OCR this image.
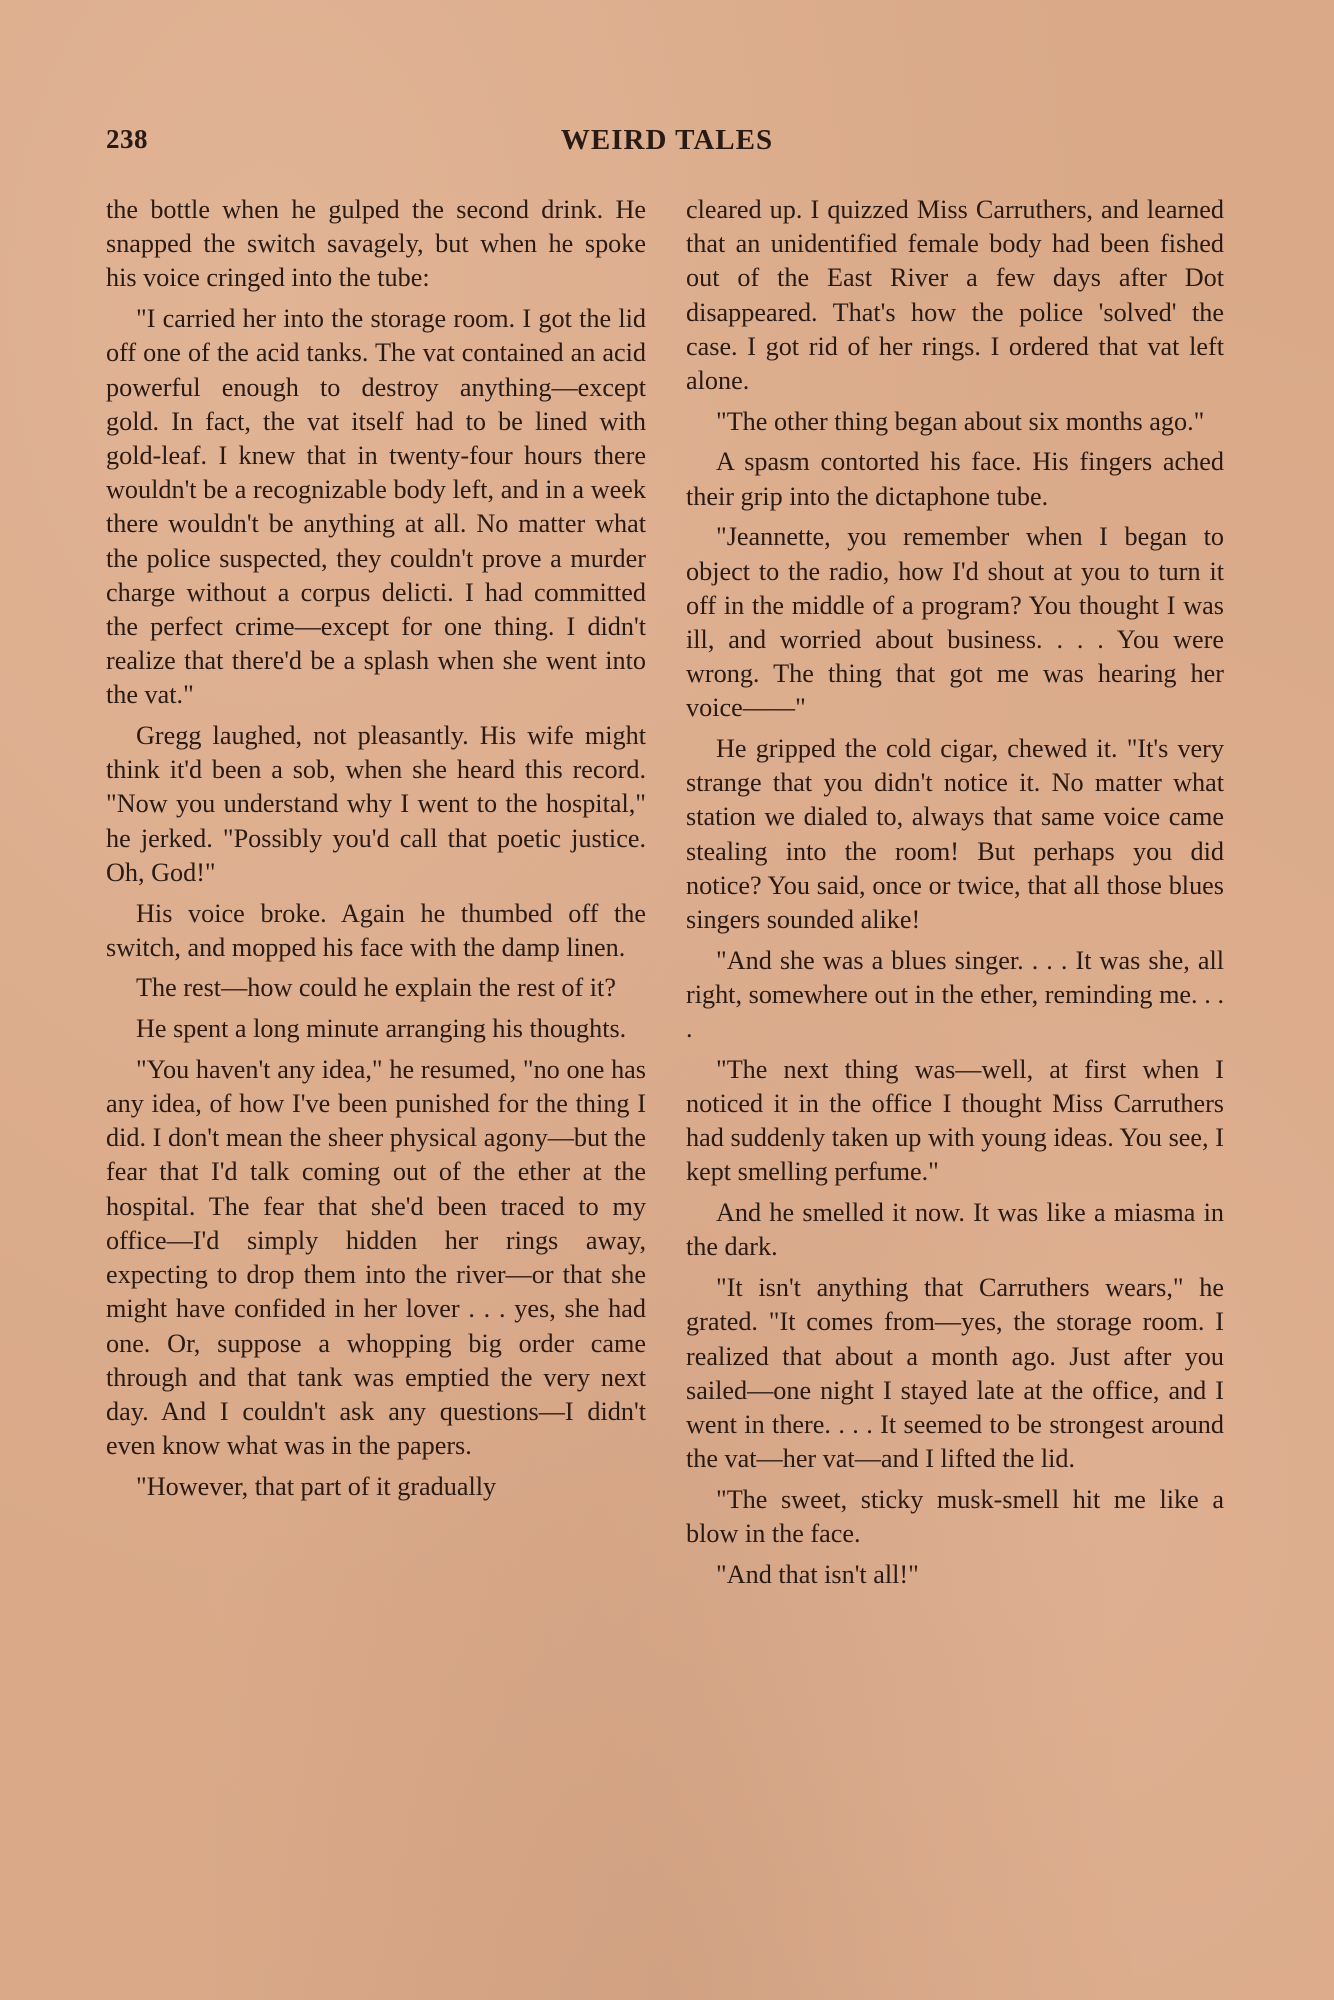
238	WEIRD TALES

the bottle when he gulped the second drink. He snapped the switch savagely, but when he spoke his voice cringed into the tube:

"I carried her into the storage room. I got the lid off one of the acid tanks. The vat contained an acid powerful enough to destroy anything—except gold. In fact, the vat itself had to be lined with gold-leaf. I knew that in twenty-four hours there wouldn't be a recognizable body left, and in a week there wouldn't be anything at all. No matter what the police suspected, they couldn't prove a murder charge without a corpus delicti. I had committed the perfect crime—except for one thing. I didn't realize that there'd be a splash when she went into the vat."

Gregg laughed, not pleasantly. His wife might think it'd been a sob, when she heard this record. "Now you understand why I went to the hospital," he jerked. "Possibly you'd call that poetic justice. Oh, God!"

His voice broke. Again he thumbed off the switch, and mopped his face with the damp linen.

The rest—how could he explain the rest of it?

He spent a long minute arranging his thoughts.

"You haven't any idea," he resumed, "no one has any idea, of how I've been punished for the thing I did. I don't mean the sheer physical agony—but the fear that I'd talk coming out of the ether at the hospital. The fear that she'd been traced to my office—I'd simply hidden her rings away, expecting to drop them into the river—or that she might have confided in her lover . . . yes, she had one. Or, suppose a whopping big order came through and that tank was emptied the very next day. And I couldn't ask any questions—I didn't even know what was in the papers.

"However, that part of it gradually

cleared up. I quizzed Miss Carruthers, and learned that an unidentified female body had been fished out of the East River a few days after Dot disappeared. That's how the police 'solved' the case. I got rid of her rings. I ordered that vat left alone.

"The other thing began about six months ago."

A spasm contorted his face. His fingers ached their grip into the dictaphone tube.

"Jeannette, you remember when I began to object to the radio, how I'd shout at you to turn it off in the middle of a program? You thought I was ill, and worried about business. . . . You were wrong. The thing that got me was hearing her voice——"

He gripped the cold cigar, chewed it. "It's very strange that you didn't notice it. No matter what station we dialed to, always that same voice came stealing into the room! But perhaps you did notice? You said, once or twice, that all those blues singers sounded alike!

"And she was a blues singer. . . . It was she, all right, somewhere out in the ether, reminding me. . . .

"The next thing was—well, at first when I noticed it in the office I thought Miss Carruthers had suddenly taken up with young ideas. You see, I kept smelling perfume."

And he smelled it now. It was like a miasma in the dark.

"It isn't anything that Carruthers wears," he grated. "It comes from—yes, the storage room. I realized that about a month ago. Just after you sailed—one night I stayed late at the office, and I went in there. . . . It seemed to be strongest around the vat—her vat—and I lifted the lid.

"The sweet, sticky musk-smell hit me like a blow in the face.

"And that isn't all!"
